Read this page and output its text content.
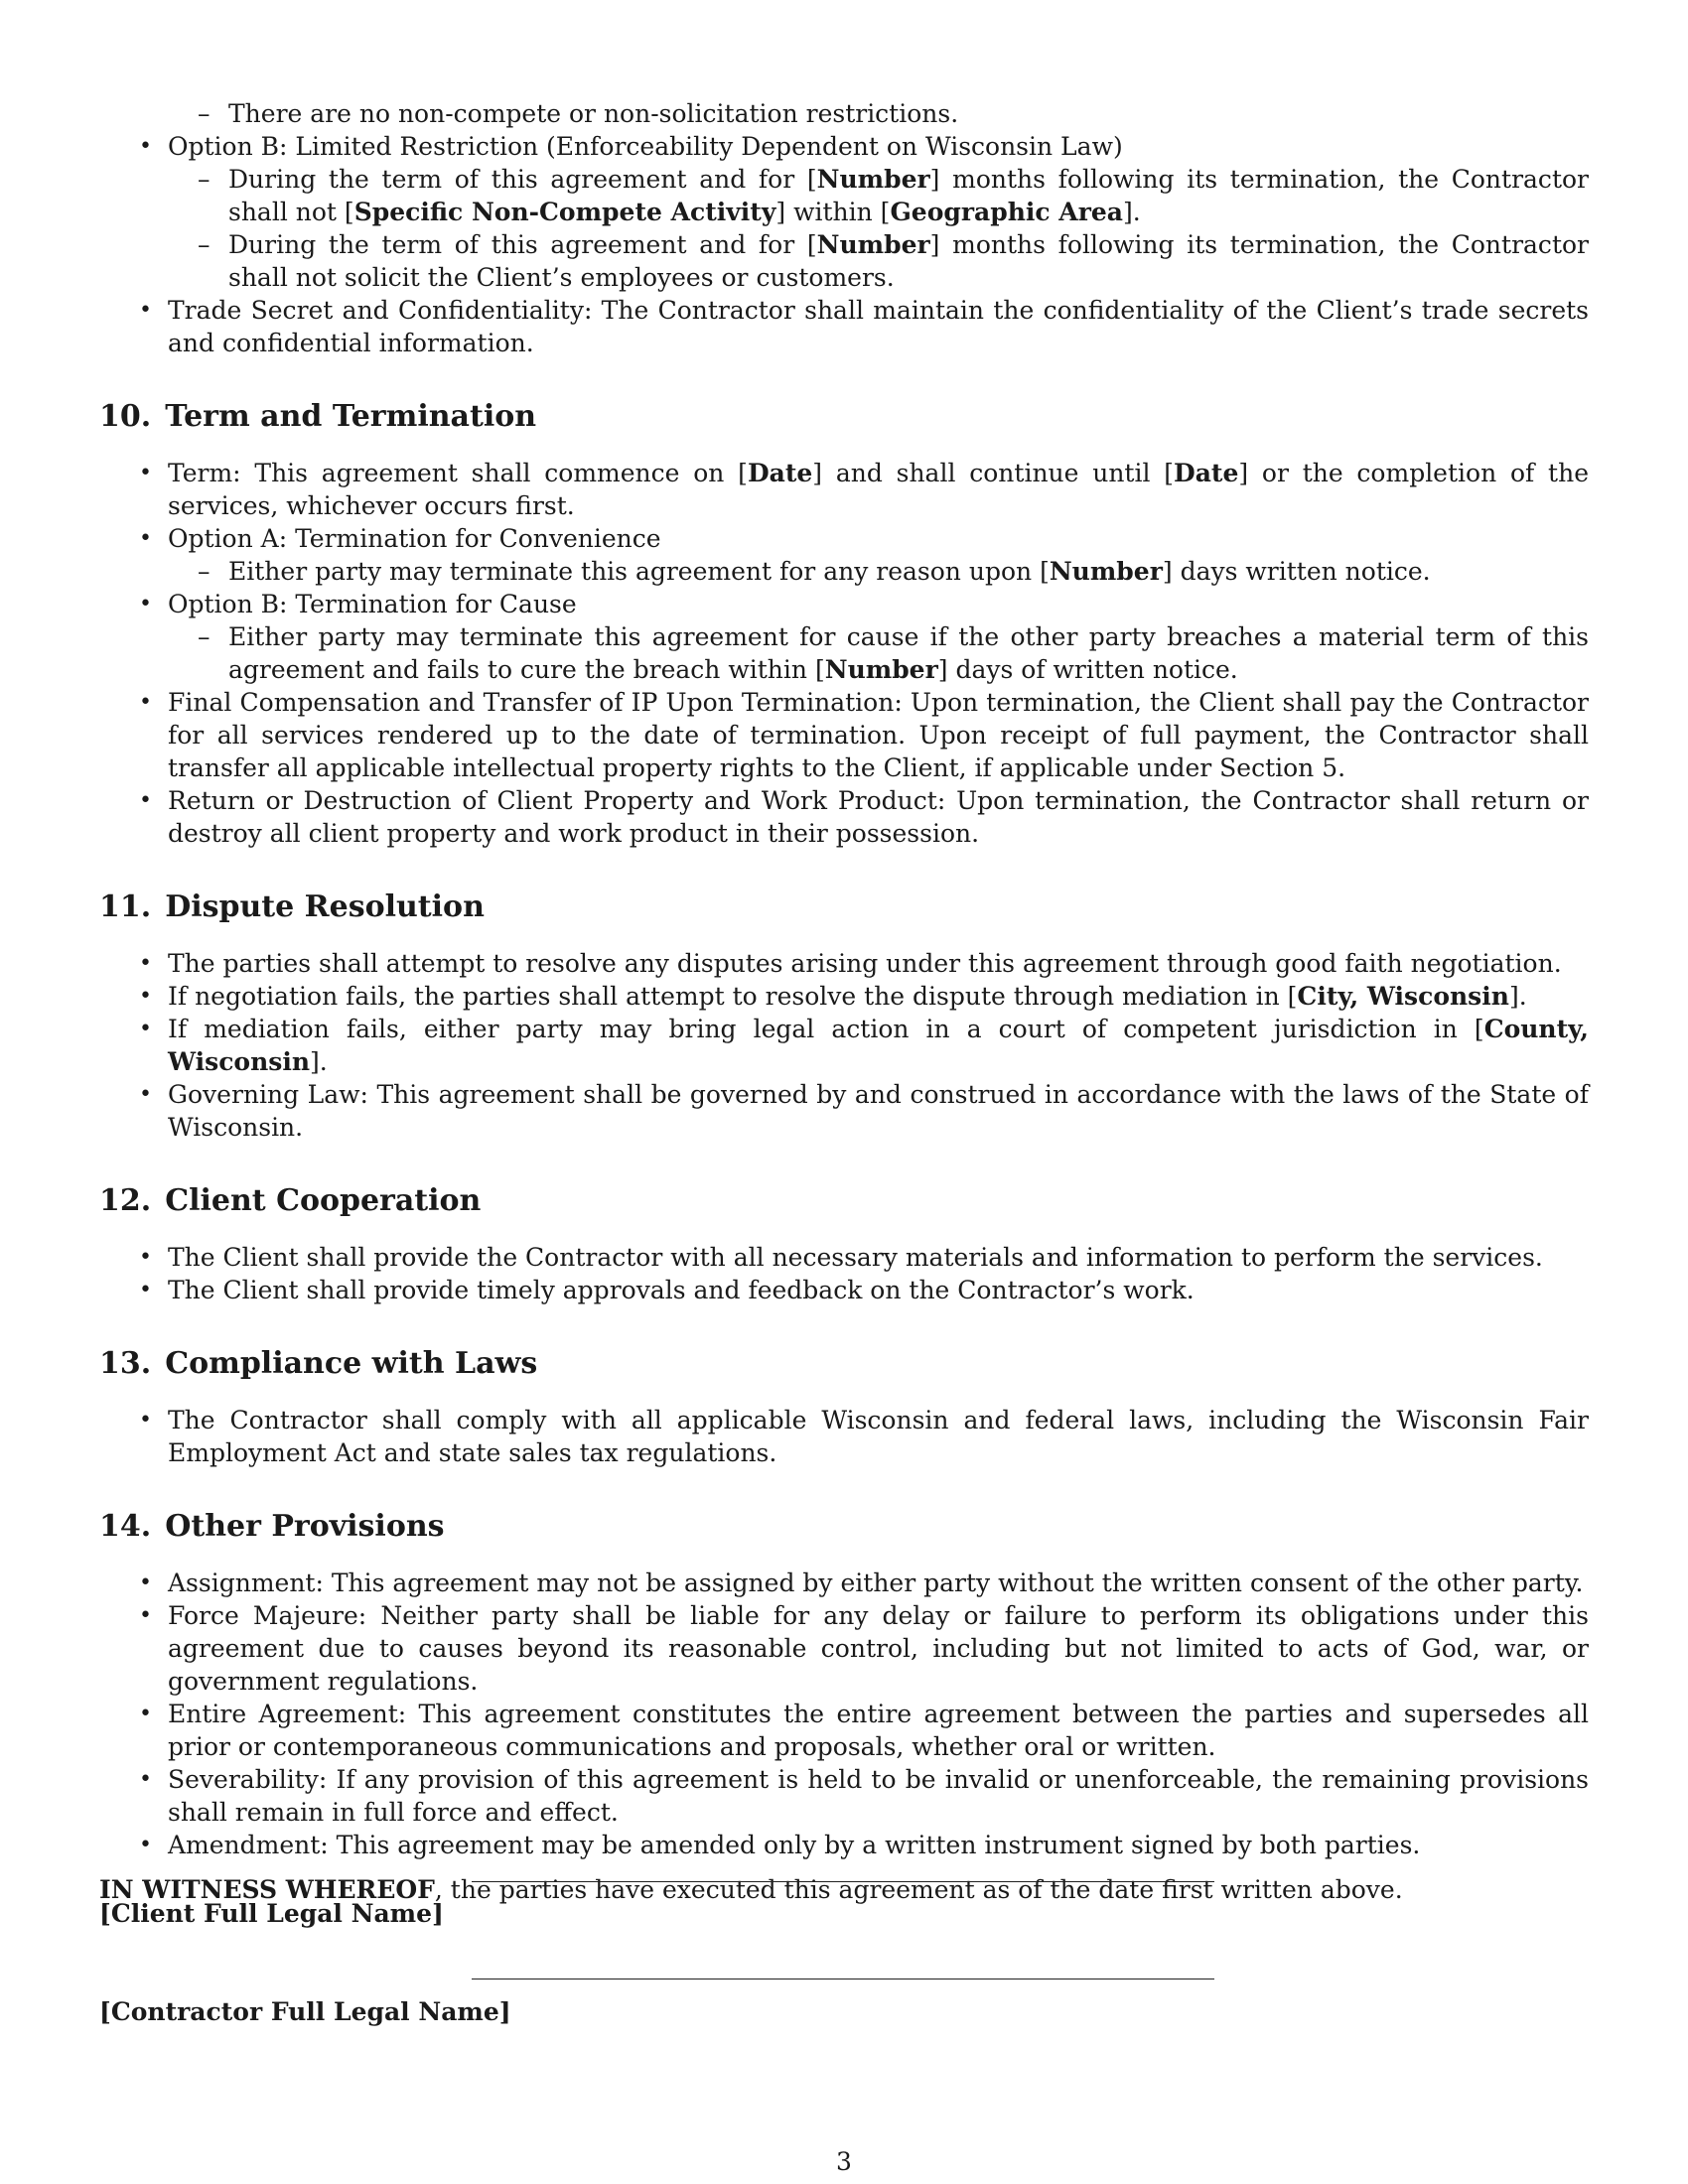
– There are no non-compete or non-solicitation restrictions.
• Option B: Limited Restriction (Enforceability Dependent on Wisconsin Law)
– During the term of this agreement and for [Number] months following its termination, the Contractor shall not [Specific Non-Compete Activity] within [Geographic Area].
– During the term of this agreement and for [Number] months following its termination, the Contractor shall not solicit the Client’s employees or customers.
• Trade Secret and Confidentiality: The Contractor shall maintain the confidentiality of the Client’s trade secrets and confidential information.
10. Term and Termination
• Term: This agreement shall commence on [Date] and shall continue until [Date] or the completion of the services, whichever occurs first.
• Option A: Termination for Convenience
– Either party may terminate this agreement for any reason upon [Number] days written notice.
• Option B: Termination for Cause
– Either party may terminate this agreement for cause if the other party breaches a material term of this agreement and fails to cure the breach within [Number] days of written notice.
• Final Compensation and Transfer of IP Upon Termination: Upon termination, the Client shall pay the Contractor for all services rendered up to the date of termination. Upon receipt of full payment, the Contractor shall transfer all applicable intellectual property rights to the Client, if applicable under Section 5.
• Return or Destruction of Client Property and Work Product: Upon termination, the Contractor shall return or destroy all client property and work product in their possession.
11. Dispute Resolution
• The parties shall attempt to resolve any disputes arising under this agreement through good faith negotiation.
• If negotiation fails, the parties shall attempt to resolve the dispute through mediation in [City, Wisconsin].
• If mediation fails, either party may bring legal action in a court of competent jurisdiction in [County, Wisconsin].
• Governing Law: This agreement shall be governed by and construed in accordance with the laws of the State of Wisconsin.
12. Client Cooperation
• The Client shall provide the Contractor with all necessary materials and information to perform the services.
• The Client shall provide timely approvals and feedback on the Contractor’s work.
13. Compliance with Laws
• The Contractor shall comply with all applicable Wisconsin and federal laws, including the Wisconsin Fair Employment Act and state sales tax regulations.
14. Other Provisions
• Assignment: This agreement may not be assigned by either party without the written consent of the other party.
• Force Majeure: Neither party shall be liable for any delay or failure to perform its obligations under this agreement due to causes beyond its reasonable control, including but not limited to acts of God, war, or government regulations.
• Entire Agreement: This agreement constitutes the entire agreement between the parties and supersedes all prior or contemporaneous communications and proposals, whether oral or written.
• Severability: If any provision of this agreement is held to be invalid or unenforceable, the remaining provisions shall remain in full force and effect.
• Amendment: This agreement may be amended only by a written instrument signed by both parties.
IN WITNESS WHEREOF, the parties have executed this agreement as of the date first written above.
[Client Full Legal Name]
[Contractor Full Legal Name]
3
